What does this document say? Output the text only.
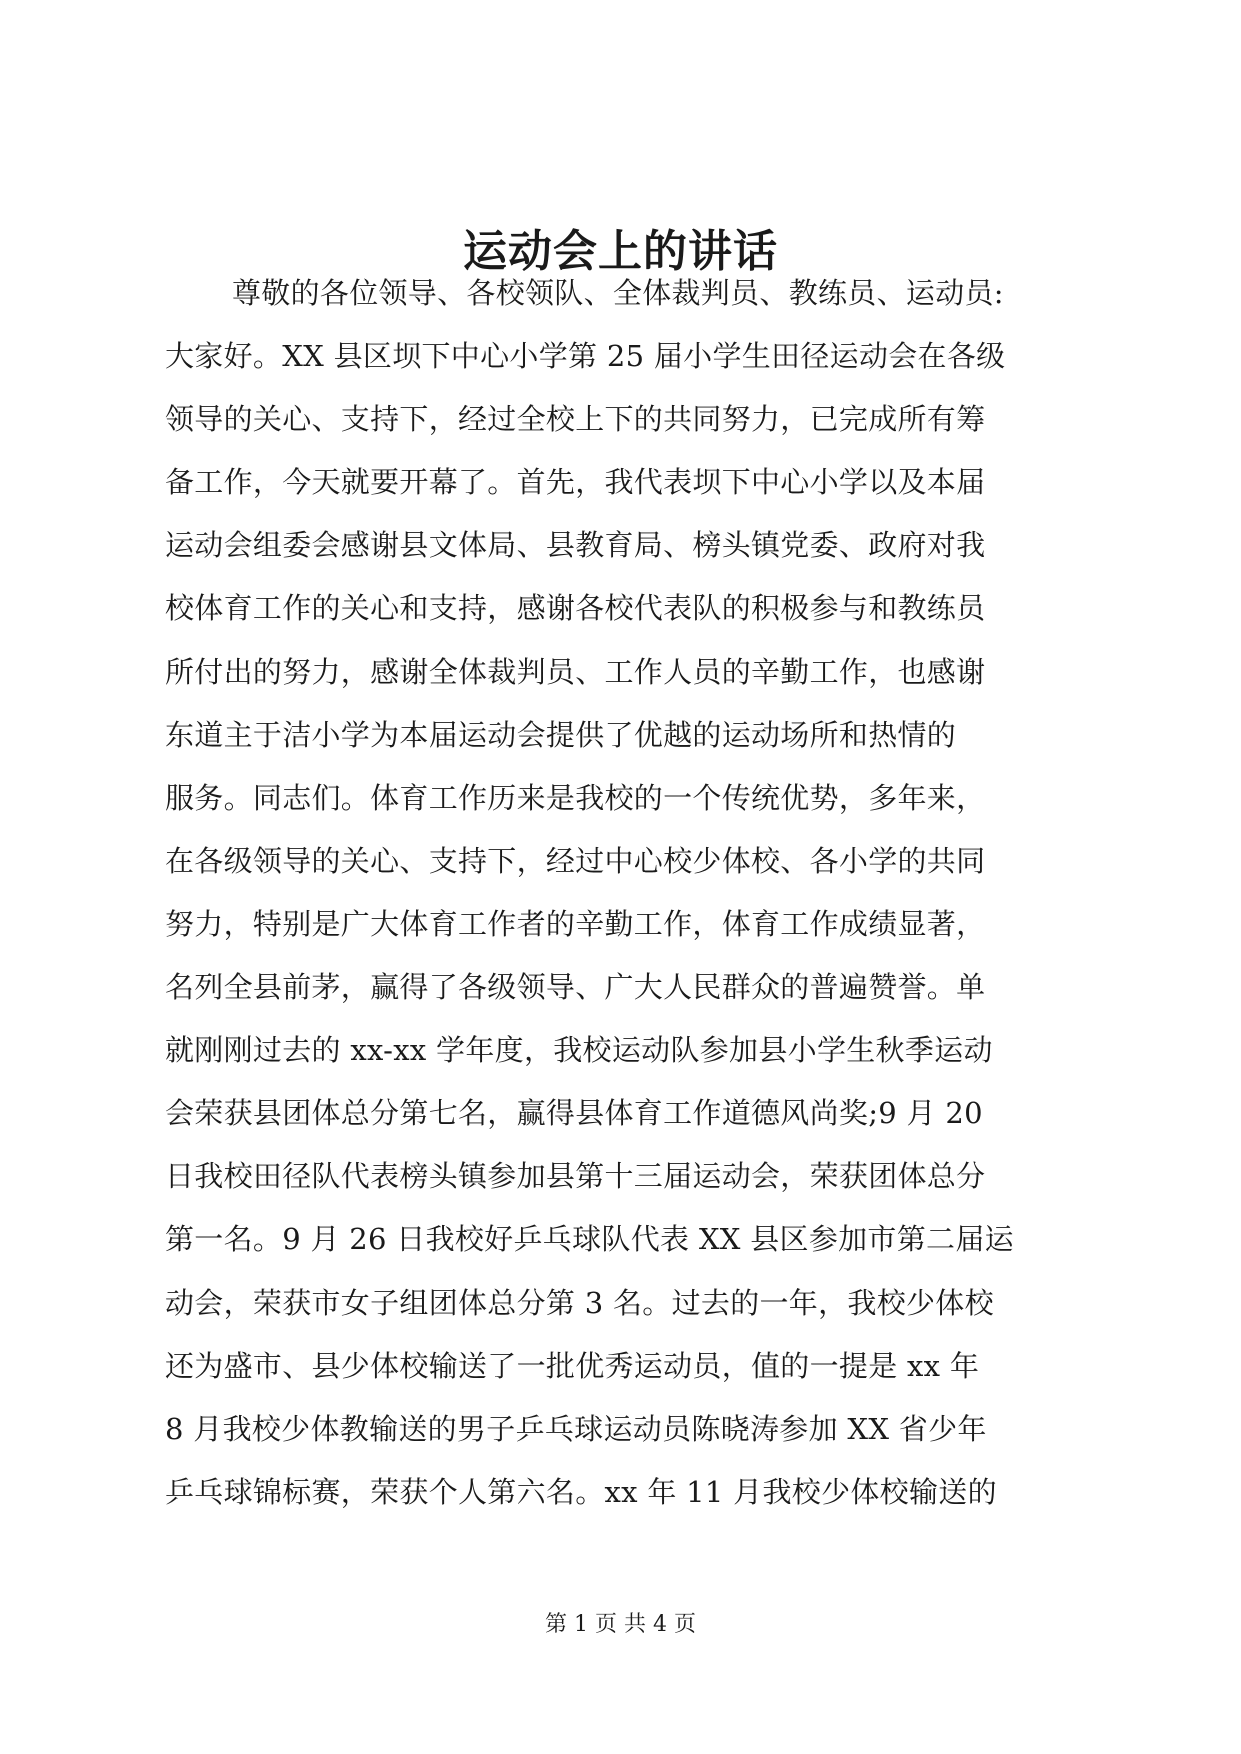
运动会上的讲话
尊敬的各位领导、各校领队、全体裁判员、教练员、运动员:
大家好。XX 县区坝下中心小学第 25 届小学生田径运动会在各级
领导的关心、支持下，经过全校上下的共同努力，已完成所有筹
备工作，今天就要开幕了。首先，我代表坝下中心小学以及本届
运动会组委会感谢县文体局、县教育局、榜头镇党委、政府对我
校体育工作的关心和支持，感谢各校代表队的积极参与和教练员
所付出的努力，感谢全体裁判员、工作人员的辛勤工作，也感谢
东道主于洁小学为本届运动会提供了优越的运动场所和热情的
服务。同志们。体育工作历来是我校的一个传统优势，多年来，
在各级领导的关心、支持下，经过中心校少体校、各小学的共同
努力，特别是广大体育工作者的辛勤工作，体育工作成绩显著，
名列全县前茅，赢得了各级领导、广大人民群众的普遍赞誉。单
就刚刚过去的 xx-xx 学年度，我校运动队参加县小学生秋季运动
会荣获县团体总分第七名，赢得县体育工作道德风尚奖;9 月 20
日我校田径队代表榜头镇参加县第十三届运动会，荣获团体总分
第一名。9 月 26 日我校好乒乓球队代表 XX 县区参加市第二届运
动会，荣获市女子组团体总分第 3 名。过去的一年，我校少体校
还为盛市、县少体校输送了一批优秀运动员，值的一提是 xx 年
8 月我校少体教输送的男子乒乓球运动员陈晓涛参加 XX 省少年
乒乓球锦标赛，荣获个人第六名。xx 年 11 月我校少体校输送的
第 1 页 共 4 页
